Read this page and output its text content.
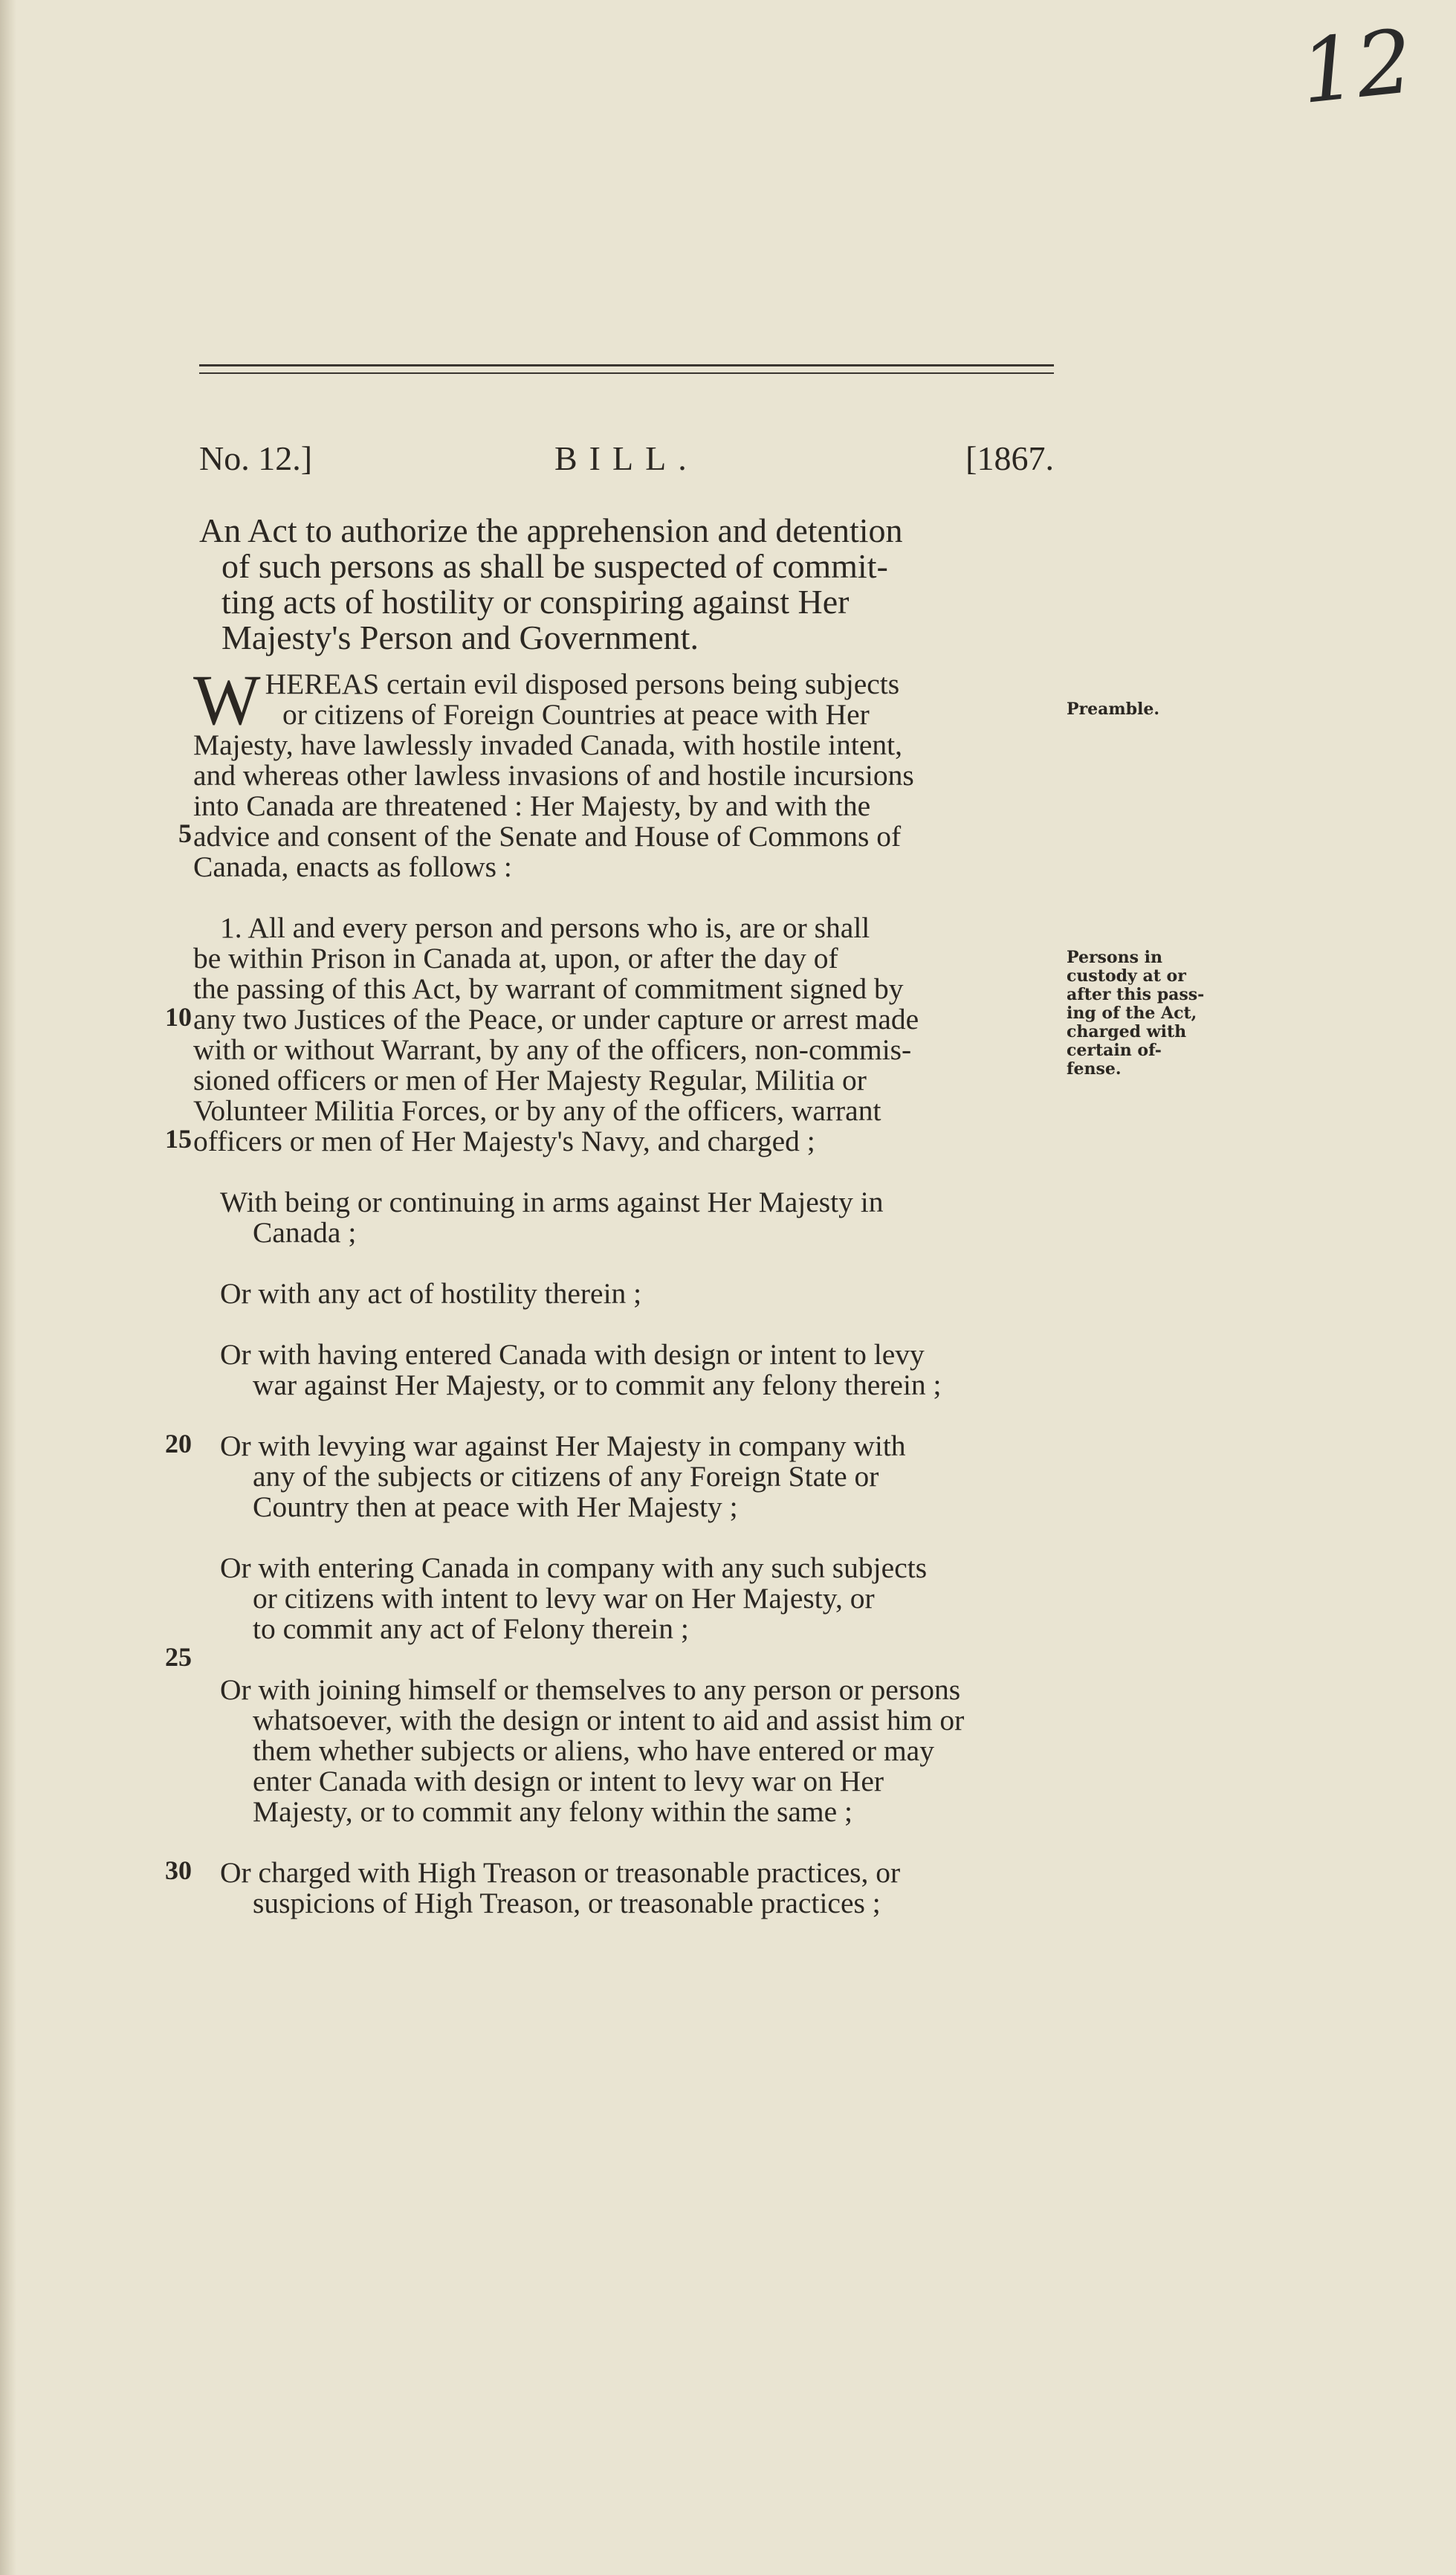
12
No. 12.]	BILL.	[1867.
An Act to authorize the apprehension and detention
of such persons as shall be suspected of commit-
ting acts of hostility or conspiring against Her
Majesty's Person and Government.
W HEREAS certain evil disposed persons being subjects
or citizens of Foreign Countries at peace with Her
Majesty, have lawlessly invaded Canada, with hostile intent,
and whereas other lawless invasions of and hostile incursions
into Canada are threatened : Her Majesty, by and with the
advice and consent of the Senate and House of Commons of
Canada, enacts as follows :
1. All and every person and persons who is, are or shall
be within Prison in Canada at, upon, or after the day of
the passing of this Act, by warrant of commitment signed by
any two Justices of the Peace, or under capture or arrest made
with or without Warrant, by any of the officers, non-commis-
sioned officers or men of Her Majesty Regular, Militia or
Volunteer Militia Forces, or by any of the officers, warrant
officers or men of Her Majesty's Navy, and charged ;
With being or continuing in arms against Her Majesty in
Canada ;
Or with any act of hostility therein ;
Or with having entered Canada with design or intent to levy
war against Her Majesty, or to commit any felony therein ;
Or with levying war against Her Majesty in company with
any of the subjects or citizens of any Foreign State or
Country then at peace with Her Majesty ;
Or with entering Canada in company with any such subjects
or citizens with intent to levy war on Her Majesty, or
to commit any act of Felony therein ;
Or with joining himself or themselves to any person or persons
whatsoever, with the design or intent to aid and assist him or
them whether subjects or aliens, who have entered or may
enter Canada with design or intent to levy war on Her
Majesty, or to commit any felony within the same ;
Or charged with High Treason or treasonable practices, or
suspicions of High Treason, or treasonable practices ;
5
10
15
20
25
30
Preamble.
Persons in
custody at or
after this pass-
ing of the Act,
charged with
certain of-
fense.
